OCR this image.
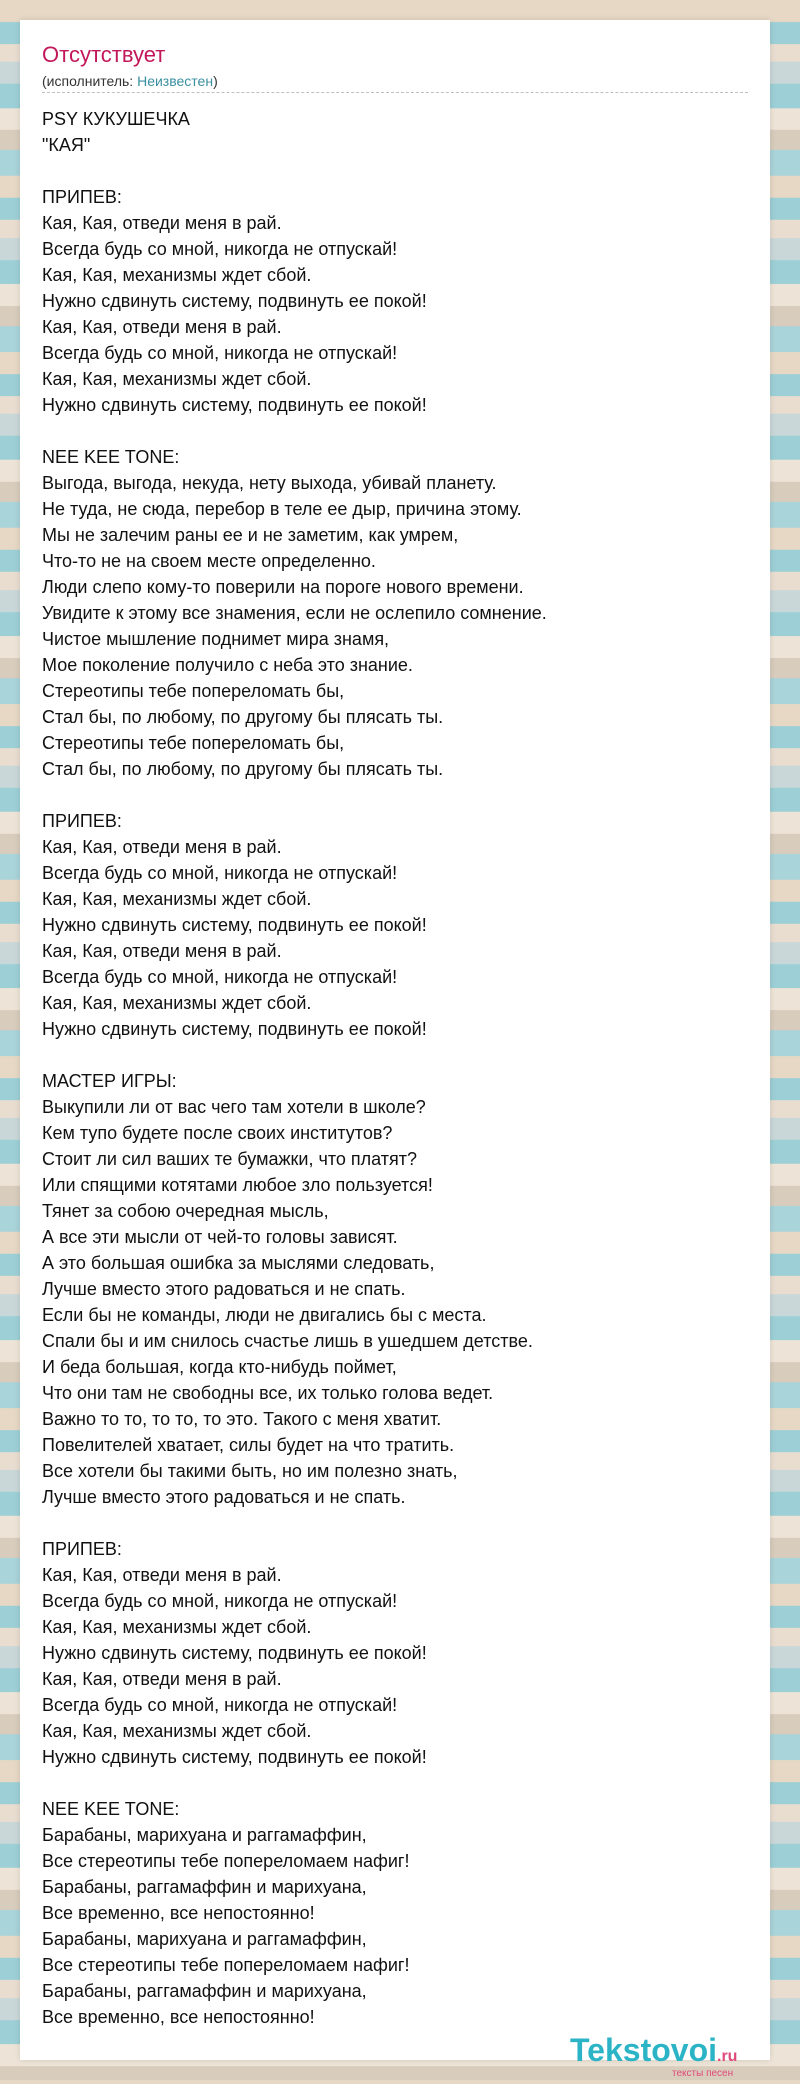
Отсутствует
(исполнитель: Неизвестен)
PSY КУКУШЕЧКА
"КАЯ"
ПРИПЕВ:
Кая, Кая, отведи меня в рай.
Всегда будь со мной, никогда не отпускай!
Кая, Кая, механизмы ждет сбой.
Нужно сдвинуть систему, подвинуть ее покой!
Кая, Кая, отведи меня в рай.
Всегда будь со мной, никогда не отпускай!
Кая, Кая, механизмы ждет сбой.
Нужно сдвинуть систему, подвинуть ее покой!
NEE KEE TONE:
Выгода, выгода, некуда, нету выхода, убивай планету.
Не туда, не сюда, перебор в теле ее дыр, причина этому.
Мы не залечим раны ее и не заметим, как умрем,
Что-то не на своем месте определенно.
Люди слепо кому-то поверили на пороге нового времени.
Увидите к этому все знамения, если не ослепило сомнение.
Чистое мышление поднимет мира знамя,
Мое поколение получило с неба это знание.
Стереотипы тебе попереломать бы,
Стал бы, по любому, по другому бы плясать ты.
Стереотипы тебе попереломать бы,
Стал бы, по любому, по другому бы плясать ты.
ПРИПЕВ:
Кая, Кая, отведи меня в рай.
Всегда будь со мной, никогда не отпускай!
Кая, Кая, механизмы ждет сбой.
Нужно сдвинуть систему, подвинуть ее покой!
Кая, Кая, отведи меня в рай.
Всегда будь со мной, никогда не отпускай!
Кая, Кая, механизмы ждет сбой.
Нужно сдвинуть систему, подвинуть ее покой!
МАСТЕР ИГРЫ:
Выкупили ли от вас чего там хотели в школе?
Кем тупо будете после своих институтов?
Стоит ли сил ваших те бумажки, что платят?
Или спящими котятами любое зло пользуется!
Тянет за собою очередная мысль,
А все эти мысли от чей-то головы зависят.
А это большая ошибка за мыслями следовать,
Лучше вместо этого радоваться и не спать.
Если бы не команды, люди не двигались бы с места.
Спали бы и им снилось счастье лишь в ушедшем детстве.
И беда большая, когда кто-нибудь поймет,
Что они там не свободны все, их только голова ведет.
Важно то то, то то, то это. Такого с меня хватит.
Повелителей хватает, силы будет на что тратить.
Все хотели бы такими быть, но им полезно знать,
Лучше вместо этого радоваться и не спать.
ПРИПЕВ:
Кая, Кая, отведи меня в рай.
Всегда будь со мной, никогда не отпускай!
Кая, Кая, механизмы ждет сбой.
Нужно сдвинуть систему, подвинуть ее покой!
Кая, Кая, отведи меня в рай.
Всегда будь со мной, никогда не отпускай!
Кая, Кая, механизмы ждет сбой.
Нужно сдвинуть систему, подвинуть ее покой!
NEE KEE TONE:
Барабаны, марихуана и раггамаффин,
Все стереотипы тебе попереломаем нафиг!
Барабаны, раггамаффин и марихуана,
Все временно, все непостоянно!
Барабаны, марихуана и раггамаффин,
Все стереотипы тебе попереломаем нафиг!
Барабаны, раггамаффин и марихуана,
Все временно, все непостоянно!
Tekstovoi.ru
тексты песен
